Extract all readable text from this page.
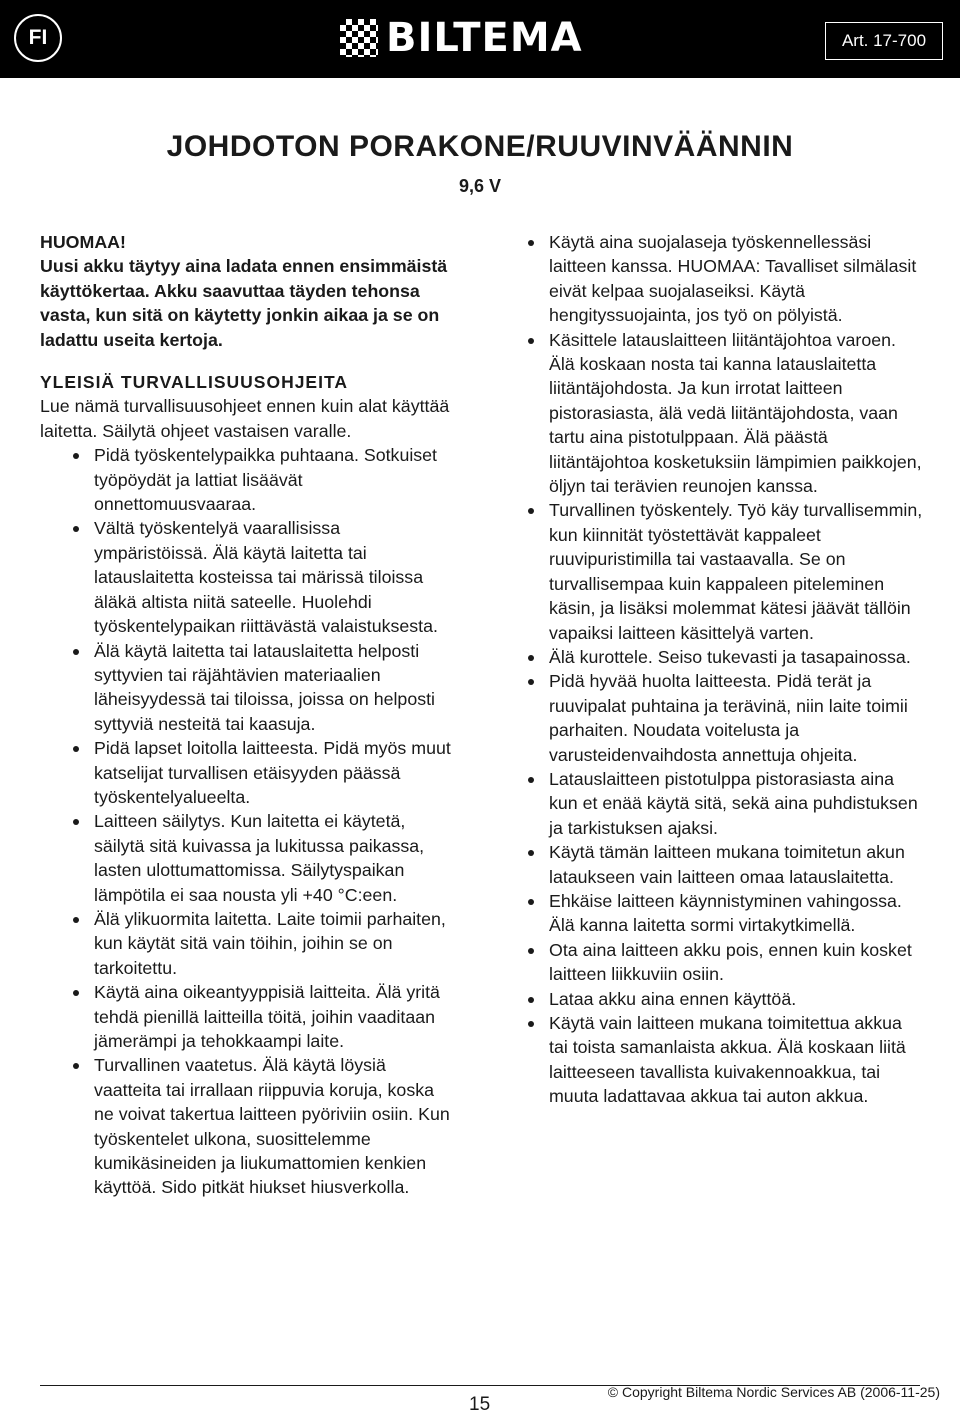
FI	BILTEMA	Art. 17-700
JOHDOTON PORAKONE/RUUVINVÄÄNNIN
9,6 V

HUOMAA!

Uusi akku täytyy aina ladata ennen ensimmäistä käyttökertaa. Akku saavuttaa täyden tehonsa vasta, kun sitä on käytetty jonkin aikaa ja se on ladattu useita kertoja.

YLEISIÄ TURVALLISUUSOHJEITA

Lue nämä turvallisuusohjeet ennen kuin alat käyttää laitetta. Säilytä ohjeet vastaisen varalle.

Pidä työskentelypaikka puhtaana. Sotkuiset työpöydät ja lattiat lisäävät onnettomuusvaaraa.
Vältä työskentelyä vaarallisissa ympäristöissä. Älä käytä laitetta tai latauslaitetta kosteissa tai märissä tiloissa äläkä altista niitä sateelle. Huolehdi työskentelypaikan riittävästä valaistuksesta.
Älä käytä laitetta tai latauslaitetta helposti syttyvien tai räjähtävien materiaalien läheisyydessä tai tiloissa, joissa on helposti syttyviä nesteitä tai kaasuja.
Pidä lapset loitolla laitteesta. Pidä myös muut katselijat turvallisen etäisyyden päässä työskentelyalueelta.
Laitteen säilytys. Kun laitetta ei käytetä, säilytä sitä kuivassa ja lukitussa paikassa, lasten ulottumattomissa. Säilytyspaikan lämpötila ei saa nousta yli +40 °C:een.
Älä ylikuormita laitetta. Laite toimii parhaiten, kun käytät sitä vain töihin, joihin se on tarkoitettu.
Käytä aina oikeantyyppisiä laitteita. Älä yritä tehdä pienillä laitteilla töitä, joihin vaaditaan jämerämpi ja tehokkaampi laite.
Turvallinen vaatetus. Älä käytä löysiä vaatteita tai irrallaan riippuvia koruja, koska ne voivat takertua laitteen pyöriviin osiin. Kun työskentelet ulkona, suosittelemme kumikäsineiden ja liukumattomien kenkien käyttöä. Sido pitkät hiukset hiusverkolla.
Käytä aina suojalaseja työskennellessäsi laitteen kanssa. HUOMAA: Tavalliset silmälasit eivät kelpaa suojalaseiksi. Käytä hengityssuojainta, jos työ on pölyistä.
Käsittele latauslaitteen liitäntäjohtoa varoen. Älä koskaan nosta tai kanna latauslaitetta liitäntäjohdosta. Ja kun irrotat laitteen pistorasiasta, älä vedä liitäntäjohdosta, vaan tartu aina pistotulppaan. Älä päästä liitäntäjohtoa kosketuksiin lämpimien paikkojen, öljyn tai terävien reunojen kanssa.
Turvallinen työskentely. Työ käy turvallisemmin, kun kiinnität työstettävät kappaleet ruuvipuristimilla tai vastaavalla. Se on turvallisempaa kuin kappaleen piteleminen käsin, ja lisäksi molemmat kätesi jäävät tällöin vapaiksi laitteen käsittelyä varten.
Älä kurottele. Seiso tukevasti ja tasapainossa.
Pidä hyvää huolta laitteesta. Pidä terät ja ruuvipalat puhtaina ja terävinä, niin laite toimii parhaiten. Noudata voitelusta ja varusteidenvaihdosta annettuja ohjeita.
Latauslaitteen pistotulppa pistorasiasta aina kun et enää käytä sitä, sekä aina puhdistuksen ja tarkistuksen ajaksi.
Käytä tämän laitteen mukana toimitetun akun lataukseen vain laitteen omaa latauslaitetta.
Ehkäise laitteen käynnistyminen vahingossa. Älä kanna laitetta sormi virtakytkimellä.
Ota aina laitteen akku pois, ennen kuin kosket laitteen liikkuviin osiin.
Lataa akku aina ennen käyttöä.
Käytä vain laitteen mukana toimitettua akkua tai toista samanlaista akkua. Älä koskaan liitä laitteeseen tavallista kuivakennoakkua, tai muuta ladattavaa akkua tai auton akkua.
15
© Copyright Biltema Nordic Services AB (2006-11-25)
